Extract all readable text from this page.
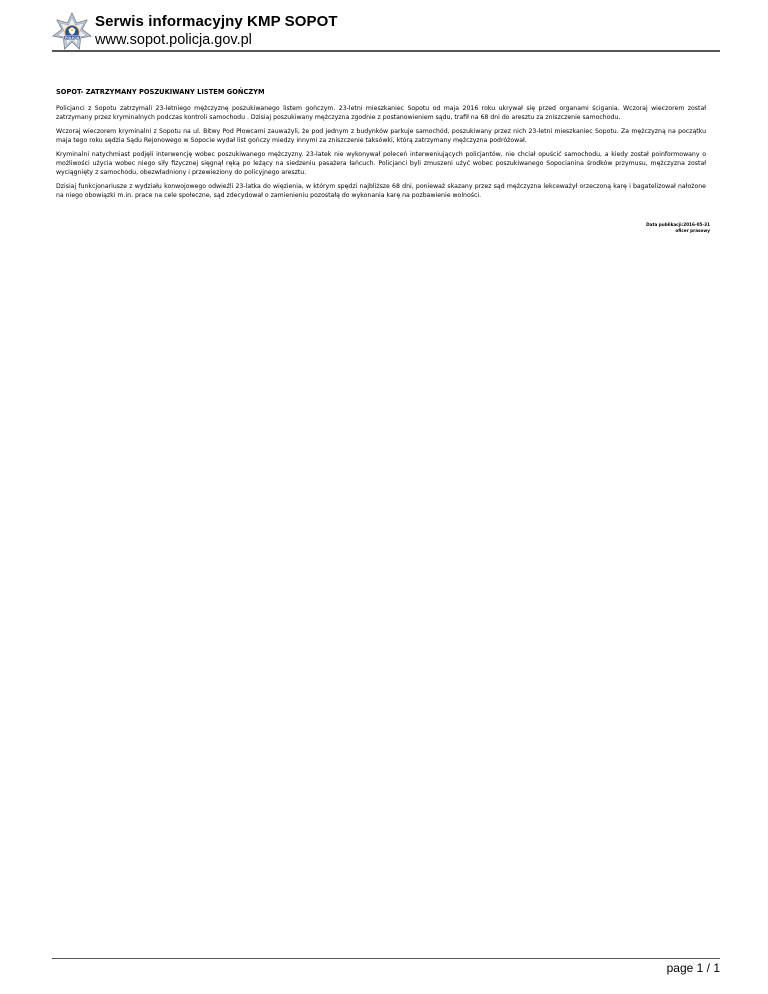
POLICJA
Serwis informacyjny KMP SOPOT
www.sopot.policja.gov.pl
SOPOT- ZATRZYMANY POSZUKIWANY LISTEM GOŃCZYM

Policjanci z Sopotu zatrzymali 23-letniego mężczyznę poszukiwanego listem gończym. 23-letni mieszkaniec Sopotu od maja 2016 roku ukrywał się przed organami ścigania. Wczoraj wieczorem został zatrzymany przez kryminalnych podczas kontroli samochodu . Dzisiaj poszukiwany mężczyzna zgodnie z postanowieniem sądu, trafił na 68 dni do aresztu za zniszczenie samochodu.

Wczoraj wieczorem kryminalni z Sopotu na ul. Bitwy Pod Płowcami zauważyli, że pod jednym z budynków parkuje samochód, poszukiwany przez nich 23-letni mieszkaniec Sopotu. Za mężczyzną na początku maja tego roku sędzia Sądu Rejonowego w Sopocie wydał list gończy miedzy innymi za zniszczenie taksówki, którą zatrzymany mężczyzna podróżował.

Kryminalni natychmiast podjęli interwencję wobec poszukiwanego mężczyzny. 23-latek nie wykonywał poleceń interweniujących policjantów, nie chciał opuścić samochodu, a kiedy został poinformowany o możliwości użycia wobec niego siły fizycznej sięgnął ręką po leżący na siedzeniu pasażera łańcuch. Policjanci byli zmuszeni użyć wobec poszukiwanego Sopocianina środków przymusu, mężczyzna został wyciągnięty z samochodu, obezwładniony i przewieziony do policyjnego aresztu.

Dzisiaj funkcjonariusze z wydziału konwojowego odwieźli 23-latka do więzienia, w którym spędzi najbliższe 68 dni, ponieważ skazany przez sąd mężczyzna lekceważył orzeczoną karę i bagatelizował nałożone na niego obowiązki m.in. prace na cele społeczne, sąd zdecydował o zamienieniu pozostałą do wykonania karę na pozbawienie wolności.

Data publikacji:2016-05-31
oficer prasowy
page 1 / 1
